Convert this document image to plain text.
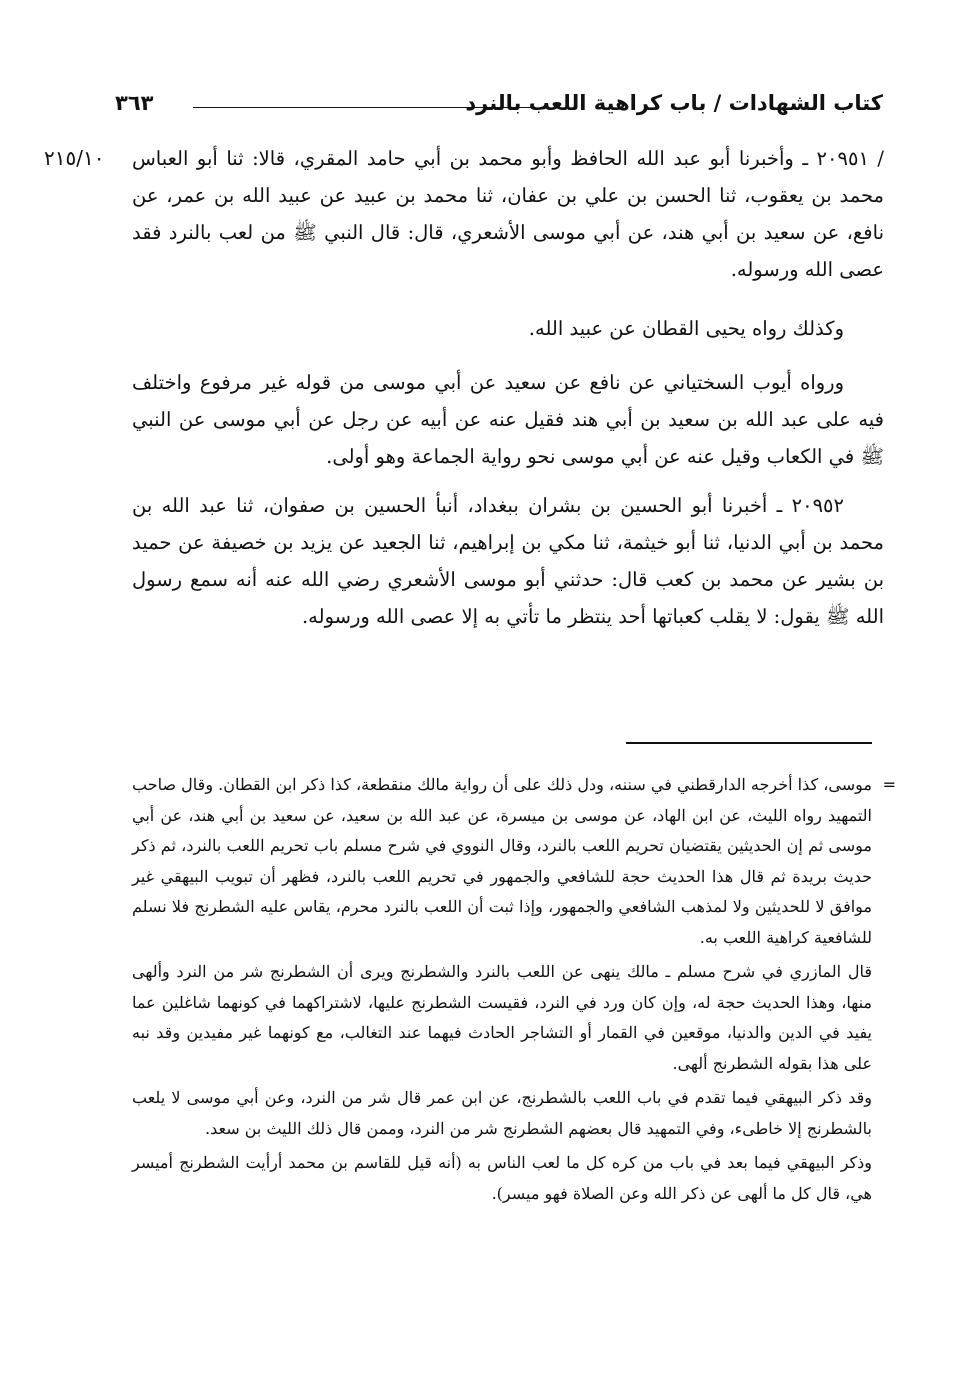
كتاب الشهادات / باب كراهية اللعب بالنرد
٣٦٣
٢١٥/١٠ / ٢٠٩٥١ ـ وأخبرنا أبو عبد الله الحافظ وأبو محمد بن أبي حامد المقري، قالا: ثنا أبو العباس محمد بن يعقوب، ثنا الحسن بن علي بن عفان، ثنا محمد بن عبيد عن عبيد الله بن عمر، عن نافع، عن سعيد بن أبي هند، عن أبي موسى الأشعري، قال: قال النبي ﷺ من لعب بالنرد فقد عصى الله ورسوله.

وكذلك رواه يحيى القطان عن عبيد الله.

ورواه أيوب السختياني عن نافع عن سعيد عن أبي موسى من قوله غير مرفوع واختلف فيه على عبد الله بن سعيد بن أبي هند فقيل عنه عن أبيه عن رجل عن أبي موسى عن النبي ﷺ في الكعاب وقيل عنه عن أبي موسى نحو رواية الجماعة وهو أولى.

٢٠٩٥٢ ـ أخبرنا أبو الحسين بن بشران ببغداد، أنبأ الحسين بن صفوان، ثنا عبد الله بن محمد بن أبي الدنيا، ثنا أبو خيثمة، ثنا مكي بن إبراهيم، ثنا الجعيد عن يزيد بن خصيفة عن حميد بن بشير عن محمد بن كعب قال: حدثني أبو موسى الأشعري رضي الله عنه أنه سمع رسول الله ﷺ يقول: لا يقلب كعباتها أحد ينتظر ما تأتي به إلا عصى الله ورسوله.

=

موسى، كذا أخرجه الدارقطني في سننه، ودل ذلك على أن رواية مالك منقطعة، كذا ذكر ابن القطان. وقال صاحب التمهيد رواه الليث، عن ابن الهاد، عن موسى بن ميسرة، عن عبد الله بن سعيد، عن سعيد بن أبي هند، عن أبي موسى ثم إن الحديثين يقتضيان تحريم اللعب بالنرد، وقال النووي في شرح مسلم باب تحريم اللعب بالنرد، ثم ذكر حديث بريدة ثم قال هذا الحديث حجة للشافعي والجمهور في تحريم اللعب بالنرد، فظهر أن تبويب البيهقي غير موافق لا للحديثين ولا لمذهب الشافعي والجمهور، وإذا ثبت أن اللعب بالنرد محرم، يقاس عليه الشطرنج فلا نسلم للشافعية كراهية اللعب به.

قال المازري في شرح مسلم ـ مالك ينهى عن اللعب بالنرد والشطرنج ويرى أن الشطرنج شر من النرد وألهى منها، وهذا الحديث حجة له، وإن كان ورد في النرد، فقيست الشطرنج عليها، لاشتراكهما في كونهما شاغلين عما يفيد في الدين والدنيا، موقعين في القمار أو التشاجر الحادث فيهما عند التغالب، مع كونهما غير مفيدين وقد نبه على هذا بقوله الشطرنج ألهى.

وقد ذكر البيهقي فيما تقدم في باب اللعب بالشطرنج، عن ابن عمر قال شر من النرد، وعن أبي موسى لا يلعب بالشطرنج إلا خاطىء، وفي التمهيد قال بعضهم الشطرنج شر من النرد، وممن قال ذلك الليث بن سعد.

وذكر البيهقي فيما بعد في باب من كره كل ما لعب الناس به (أنه قيل للقاسم بن محمد أرأيت الشطرنج أميسر هي، قال كل ما ألهى عن ذكر الله وعن الصلاة فهو ميسر).
